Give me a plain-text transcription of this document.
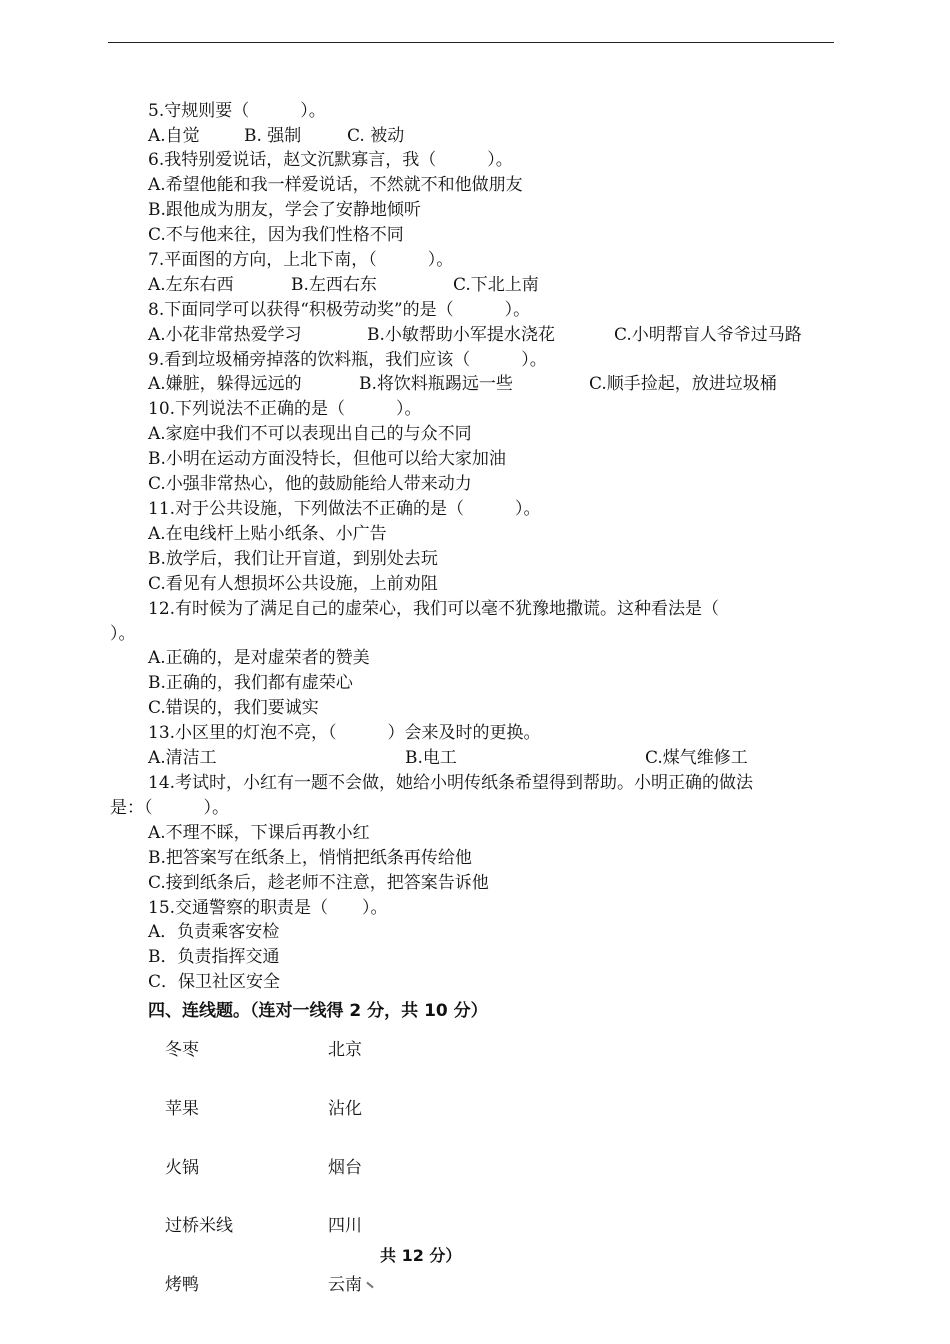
5.守规则要（　　　）。
A.自觉	B. 强制	C. 被动
6.我特别爱说话，赵文沉默寡言，我（　　　）。
A.希望他能和我一样爱说话，不然就不和他做朋友
B.跟他成为朋友，学会了安静地倾听
C.不与他来往，因为我们性格不同
7.平面图的方向，上北下南，（　　　）。
A.左东右西	B.左西右东	C.下北上南
8.下面同学可以获得“积极劳动奖”的是（　　　）。
A.小花非常热爱学习	B.小敏帮助小军提水浇花	C.小明帮盲人爷爷过马路
9.看到垃圾桶旁掉落的饮料瓶，我们应该（　　　）。
A.嫌脏，躲得远远的	B.将饮料瓶踢远一些	C.顺手捡起，放进垃圾桶
10.下列说法不正确的是（　　　）。
A.家庭中我们不可以表现出自己的与众不同
B.小明在运动方面没特长，但他可以给大家加油
C.小强非常热心，他的鼓励能给人带来动力
11.对于公共设施，下列做法不正确的是（　　　）。
A.在电线杆上贴小纸条、小广告
B.放学后，我们让开盲道，到别处去玩
C.看见有人想损坏公共设施，上前劝阻
12.有时候为了满足自己的虚荣心，我们可以毫不犹豫地撒谎。这种看法是（
）。
A.正确的，是对虚荣者的赞美
B.正确的，我们都有虚荣心
C.错误的，我们要诚实
13.小区里的灯泡不亮，（　　　）会来及时的更换。
A.清洁工	B.电工	C.煤气维修工
14.考试时，小红有一题不会做，她给小明传纸条希望得到帮助。小明正确的做法
是：（　　　）。
A.不理不睬，下课后再教小红
B.把答案写在纸条上，悄悄把纸条再传给他
C.接到纸条后，趁老师不注意，把答案告诉他
15.交通警察的职责是（　　）。
A．负责乘客安检
B．负责指挥交通
C．保卫社区安全
四、连线题。（连对一线得 2 分，共 10 分）
冬枣
苹果
火锅
过桥米线
烤鸭
北京
沾化
烟台
四川
云南
共 12 分）
